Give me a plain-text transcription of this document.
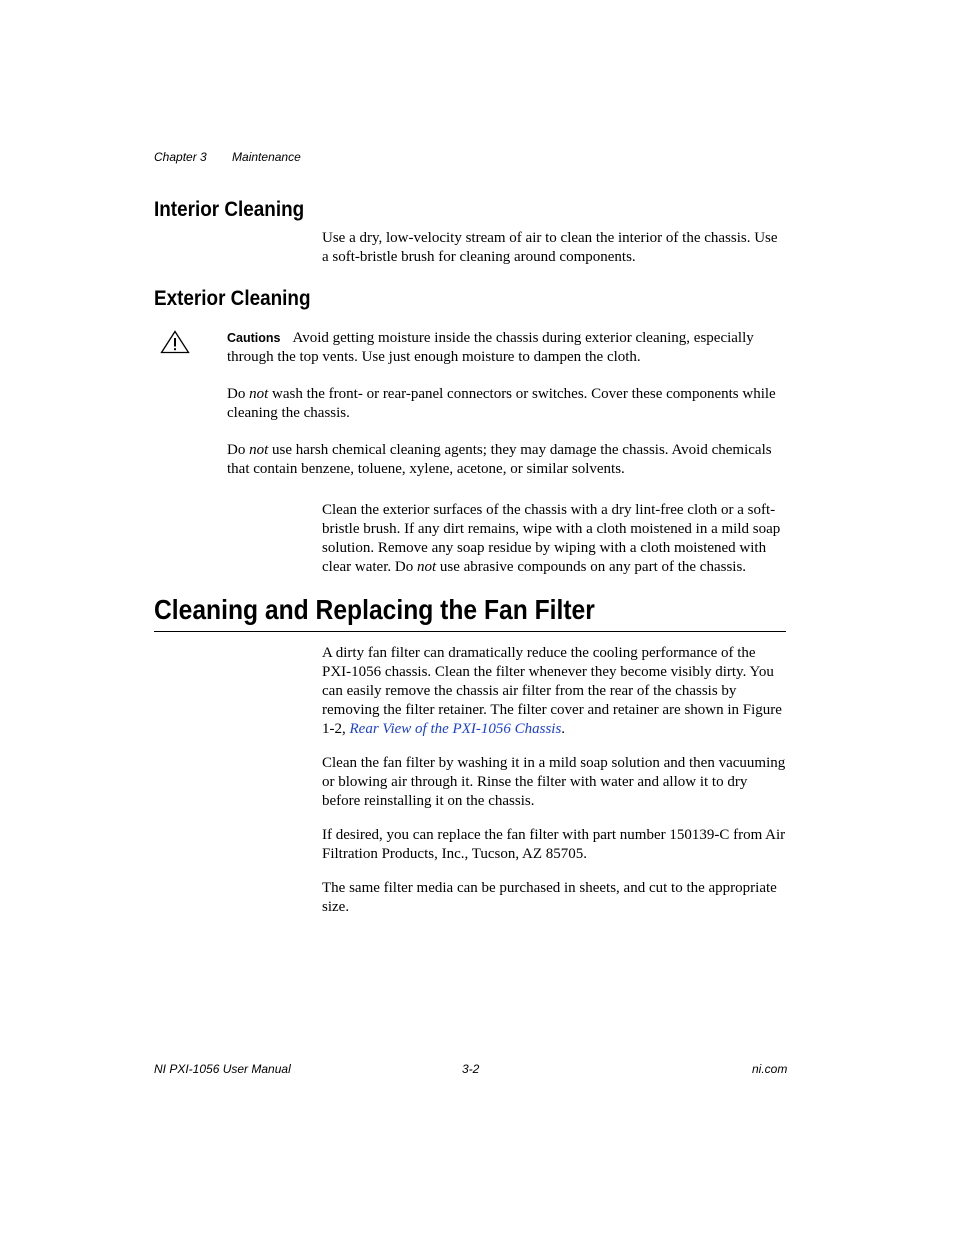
Chapter 3 Maintenance
Interior Cleaning

Use a dry, low-velocity stream of air to clean the interior of the chassis. Use a soft-bristle brush for cleaning around components.

Exterior Cleaning

Cautions Avoid getting moisture inside the chassis during exterior cleaning, especially through the top vents. Use just enough moisture to dampen the cloth.

Do not wash the front- or rear-panel connectors or switches. Cover these components while cleaning the chassis.

Do not use harsh chemical cleaning agents; they may damage the chassis. Avoid chemicals that contain benzene, toluene, xylene, acetone, or similar solvents.

Clean the exterior surfaces of the chassis with a dry lint-free cloth or a soft-bristle brush. If any dirt remains, wipe with a cloth moistened in a mild soap solution. Remove any soap residue by wiping with a cloth moistened with clear water. Do not use abrasive compounds on any part of the chassis.

Cleaning and Replacing the Fan Filter

A dirty fan filter can dramatically reduce the cooling performance of the PXI-1056 chassis. Clean the filter whenever they become visibly dirty. You can easily remove the chassis air filter from the rear of the chassis by removing the filter retainer. The filter cover and retainer are shown in Figure 1-2, Rear View of the PXI-1056 Chassis.

Clean the fan filter by washing it in a mild soap solution and then vacuuming or blowing air through it. Rinse the filter with water and allow it to dry before reinstalling it on the chassis.

If desired, you can replace the fan filter with part number 150139-C from Air Filtration Products, Inc., Tucson, AZ 85705.

The same filter media can be purchased in sheets, and cut to the appropriate size.

NI PXI-1056 User Manual	3-2	ni.com
